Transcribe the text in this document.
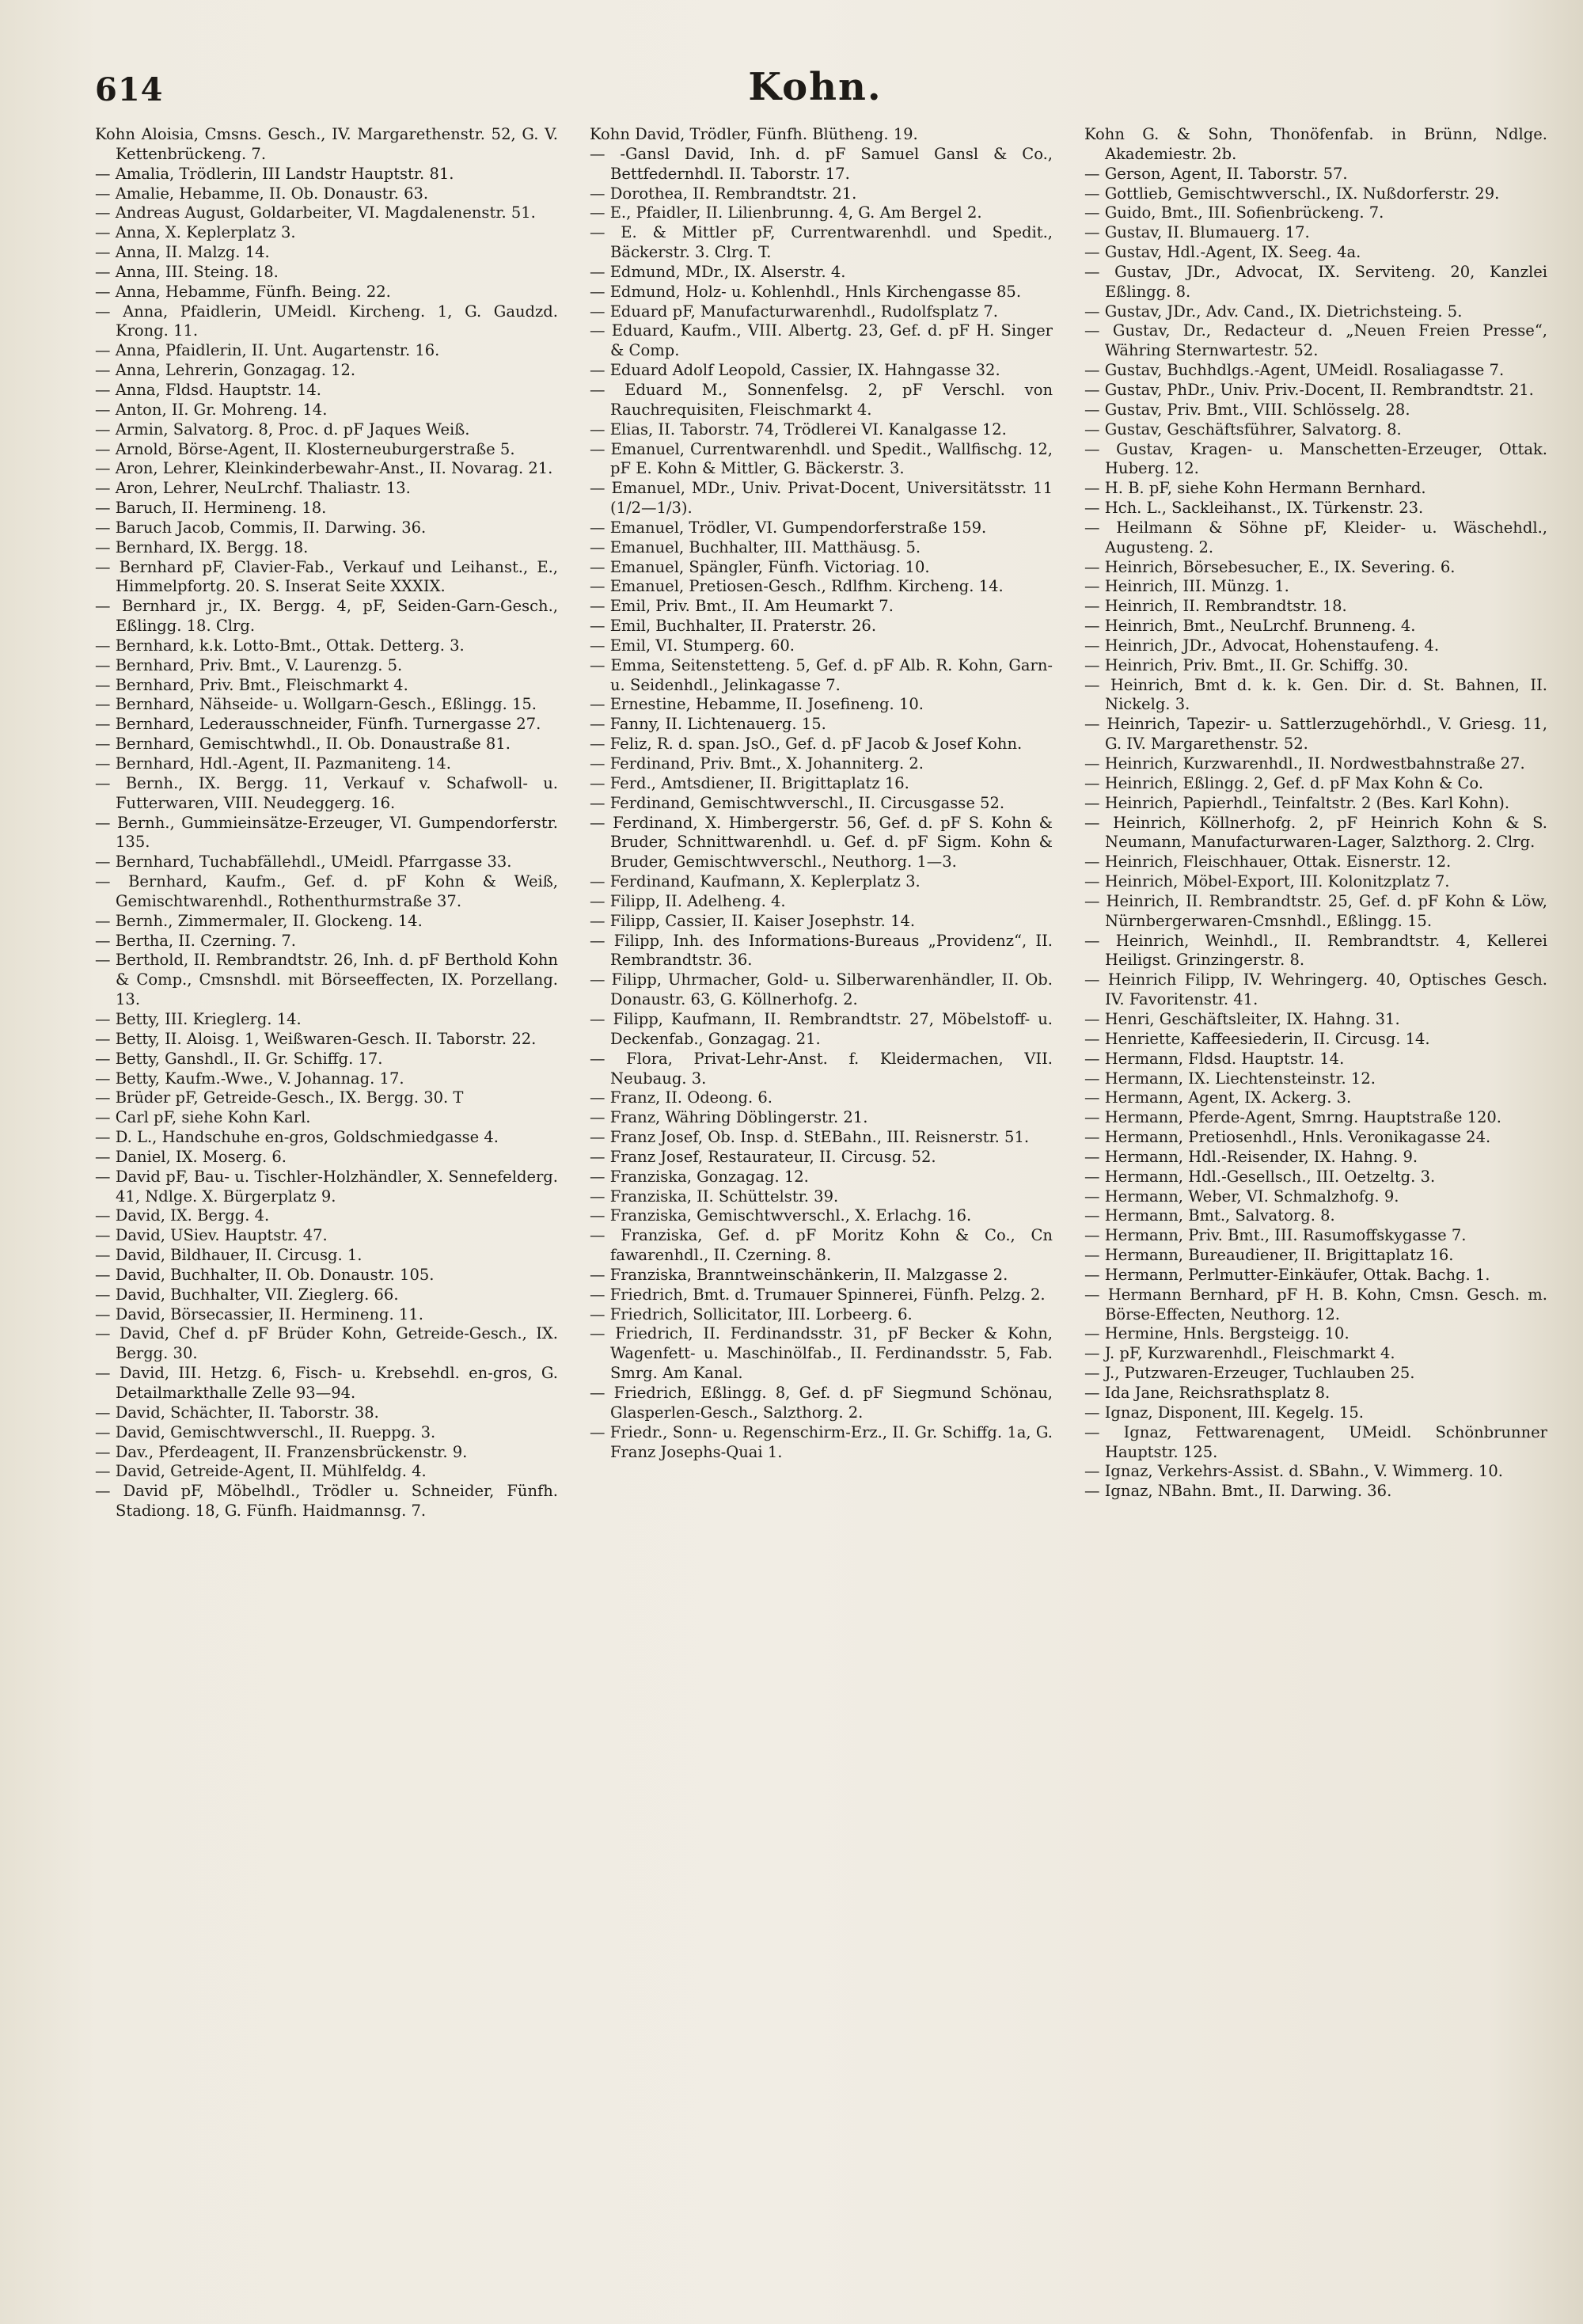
614	Kohn.
Kohn Aloisia, Cmsns. Gesch., IV. Margarethenstr. 52, G. V. Kettenbrückeng. 7.
— Amalia, Trödlerin, III Landstr Hauptstr. 81.
— Amalie, Hebamme, II. Ob. Donaustr. 63.
— Andreas August, Goldarbeiter, VI. Magdalenenstr. 51.
— Anna, X. Keplerplatz 3.
— Anna, II. Malzg. 14.
— Anna, III. Steing. 18.
— Anna, Hebamme, Fünfh. Being. 22.
— Anna, Pfaidlerin, UMeidl. Kircheng. 1, G. Gaudzd. Krong. 11.
— Anna, Pfaidlerin, II. Unt. Augartenstr. 16.
— Anna, Lehrerin, Gonzagag. 12.
— Anna, Fldsd. Hauptstr. 14.
— Anton, II. Gr. Mohreng. 14.
— Armin, Salvatorg. 8, Proc. d. pF Jaques Weiß.
— Arnold, Börse-Agent, II. Klosterneuburgerstraße 5.
— Aron, Lehrer, Kleinkinderbewahr-Anst., II. Novarag. 21.
— Aron, Lehrer, NeuLrchf. Thaliastr. 13.
— Baruch, II. Hermineng. 18.
— Baruch Jacob, Commis, II. Darwing. 36.
— Bernhard, IX. Bergg. 18.
— Bernhard pF, Clavier-Fab., Verkauf und Leihanst., E., Himmelpfortg. 20. S. Inserat Seite XXXIX.
— Bernhard jr., IX. Bergg. 4, pF, Seiden-Garn-Gesch., Eßlingg. 18. Clrg.
— Bernhard, k.k. Lotto-Bmt., Ottak. Detterg. 3.
— Bernhard, Priv. Bmt., V. Laurenzg. 5.
— Bernhard, Priv. Bmt., Fleischmarkt 4.
— Bernhard, Nähseide- u. Wollgarn-Gesch., Eßlingg. 15.
— Bernhard, Lederausschneider, Fünfh. Turnergasse 27.
— Bernhard, Gemischtwhdl., II. Ob. Donaustraße 81.
— Bernhard, Hdl.-Agent, II. Pazmaniteng. 14.
— Bernh., IX. Bergg. 11, Verkauf v. Schafwoll- u. Futterwaren, VIII. Neudeggerg. 16.
— Bernh., Gummieinsätze-Erzeuger, VI. Gumpendorferstr. 135.
— Bernhard, Tuchabfällehdl., UMeidl. Pfarrgasse 33.
— Bernhard, Kaufm., Gef. d. pF Kohn & Weiß, Gemischtwarenhdl., Rothenthurmstraße 37.
— Bernh., Zimmermaler, II. Glockeng. 14.
— Bertha, II. Czerning. 7.
— Berthold, II. Rembrandtstr. 26, Inh. d. pF Berthold Kohn & Comp., Cmsnshdl. mit Börseeffecten, IX. Porzellang. 13.
— Betty, III. Krieglerg. 14.
— Betty, II. Aloisg. 1, Weißwaren-Gesch. II. Taborstr. 22.
— Betty, Ganshdl., II. Gr. Schiffg. 17.
— Betty, Kaufm.-Wwe., V. Johannag. 17.
— Brüder pF, Getreide-Gesch., IX. Bergg. 30. T
— Carl pF, siehe Kohn Karl.
— D. L., Handschuhe en-gros, Goldschmiedgasse 4.
— Daniel, IX. Moserg. 6.
— David pF, Bau- u. Tischler-Holzhändler, X. Sennefelderg. 41, Ndlge. X. Bürgerplatz 9.
— David, IX. Bergg. 4.
— David, USiev. Hauptstr. 47.
— David, Bildhauer, II. Circusg. 1.
— David, Buchhalter, II. Ob. Donaustr. 105.
— David, Buchhalter, VII. Zieglerg. 66.
— David, Börsecassier, II. Hermineng. 11.
— David, Chef d. pF Brüder Kohn, Getreide-Gesch., IX. Bergg. 30.
— David, III. Hetzg. 6, Fisch- u. Krebsehdl. en-gros, G. Detailmarkthalle Zelle 93—94.
— David, Schächter, II. Taborstr. 38.
— David, Gemischtwverschl., II. Rueppg. 3.
— Dav., Pferdeagent, II. Franzensbrückenstr. 9.
— David, Getreide-Agent, II. Mühlfeldg. 4.
— David pF, Möbelhdl., Trödler u. Schneider, Fünfh. Stadiong. 18, G. Fünfh. Haidmannsg. 7.
Kohn David, Trödler, Fünfh. Blütheng. 19.
— -Gansl David, Inh. d. pF Samuel Gansl & Co., Bettfedernhdl. II. Taborstr. 17.
— Dorothea, II. Rembrandtstr. 21.
— E., Pfaidler, II. Lilienbrunng. 4, G. Am Bergel 2.
— E. & Mittler pF, Currentwarenhdl. und Spedit., Bäckerstr. 3. Clrg. T.
— Edmund, MDr., IX. Alserstr. 4.
— Edmund, Holz- u. Kohlenhdl., Hnls Kirchengasse 85.
— Eduard pF, Manufacturwarenhdl., Rudolfsplatz 7.
— Eduard, Kaufm., VIII. Albertg. 23, Gef. d. pF H. Singer & Comp.
— Eduard Adolf Leopold, Cassier, IX. Hahngasse 32.
— Eduard M., Sonnenfelsg. 2, pF Verschl. von Rauchrequisiten, Fleischmarkt 4.
— Elias, II. Taborstr. 74, Trödlerei VI. Kanalgasse 12.
— Emanuel, Currentwarenhdl. und Spedit., Wallfischg. 12, pF E. Kohn & Mittler, G. Bäckerstr. 3.
— Emanuel, MDr., Univ. Privat-Docent, Universitätsstr. 11 (1/2—1/3).
— Emanuel, Trödler, VI. Gumpendorferstraße 159.
— Emanuel, Buchhalter, III. Matthäusg. 5.
— Emanuel, Spängler, Fünfh. Victoriag. 10.
— Emanuel, Pretiosen-Gesch., Rdlfhm. Kircheng. 14.
— Emil, Priv. Bmt., II. Am Heumarkt 7.
— Emil, Buchhalter, II. Praterstr. 26.
— Emil, VI. Stumperg. 60.
— Emma, Seitenstetteng. 5, Gef. d. pF Alb. R. Kohn, Garn- u. Seidenhdl., Jelinkagasse 7.
— Ernestine, Hebamme, II. Josefineng. 10.
— Fanny, II. Lichtenauerg. 15.
— Feliz, R. d. span. JsO., Gef. d. pF Jacob & Josef Kohn.
— Ferdinand, Priv. Bmt., X. Johanniterg. 2.
— Ferd., Amtsdiener, II. Brigittaplatz 16.
— Ferdinand, Gemischtwverschl., II. Circusgasse 52.
— Ferdinand, X. Himbergerstr. 56, Gef. d. pF S. Kohn & Bruder, Schnittwarenhdl. u. Gef. d. pF Sigm. Kohn & Bruder, Gemischtwverschl., Neuthorg. 1—3.
— Ferdinand, Kaufmann, X. Keplerplatz 3.
— Filipp, II. Adelheng. 4.
— Filipp, Cassier, II. Kaiser Josephstr. 14.
— Filipp, Inh. des Informations-Bureaus „Providenz“, II. Rembrandtstr. 36.
— Filipp, Uhrmacher, Gold- u. Silberwarenhändler, II. Ob. Donaustr. 63, G. Köllnerhofg. 2.
— Filipp, Kaufmann, II. Rembrandtstr. 27, Möbelstoff- u. Deckenfab., Gonzagag. 21.
— Flora, Privat-Lehr-Anst. f. Kleidermachen, VII. Neubaug. 3.
— Franz, II. Odeong. 6.
— Franz, Währing Döblingerstr. 21.
— Franz Josef, Ob. Insp. d. StEBahn., III. Reisnerstr. 51.
— Franz Josef, Restaurateur, II. Circusg. 52.
— Franziska, Gonzagag. 12.
— Franziska, II. Schüttelstr. 39.
— Franziska, Gemischtwverschl., X. Erlachg. 16.
— Franziska, Gef. d. pF Moritz Kohn & Co., Cn fawarenhdl., II. Czerning. 8.
— Franziska, Branntweinschänkerin, II. Malzgasse 2.
— Friedrich, Bmt. d. Trumauer Spinnerei, Fünfh. Pelzg. 2.
— Friedrich, Sollicitator, III. Lorbeerg. 6.
— Friedrich, II. Ferdinandsstr. 31, pF Becker & Kohn, Wagenfett- u. Maschinölfab., II. Ferdinandsstr. 5, Fab. Smrg. Am Kanal.
— Friedrich, Eßlingg. 8, Gef. d. pF Siegmund Schönau, Glasperlen-Gesch., Salzthorg. 2.
— Friedr., Sonn- u. Regenschirm-Erz., II. Gr. Schiffg. 1a, G. Franz Josephs-Quai 1.
Kohn G. & Sohn, Thonöfenfab. in Brünn, Ndlge. Akademiestr. 2b.
— Gerson, Agent, II. Taborstr. 57.
— Gottlieb, Gemischtwverschl., IX. Nußdorferstr. 29.
— Guido, Bmt., III. Sofienbrückeng. 7.
— Gustav, II. Blumauerg. 17.
— Gustav, Hdl.-Agent, IX. Seeg. 4a.
— Gustav, JDr., Advocat, IX. Serviteng. 20, Kanzlei Eßlingg. 8.
— Gustav, JDr., Adv. Cand., IX. Dietrichsteing. 5.
— Gustav, Dr., Redacteur d. „Neuen Freien Presse“, Währing Sternwartestr. 52.
— Gustav, Buchhdlgs.-Agent, UMeidl. Rosaliagasse 7.
— Gustav, PhDr., Univ. Priv.-Docent, II. Rembrandtstr. 21.
— Gustav, Priv. Bmt., VIII. Schlösselg. 28.
— Gustav, Geschäftsführer, Salvatorg. 8.
— Gustav, Kragen- u. Manschetten-Erzeuger, Ottak. Huberg. 12.
— H. B. pF, siehe Kohn Hermann Bernhard.
— Hch. L., Sacklеihanst., IX. Türkenstr. 23.
— Heilmann & Söhne pF, Kleider- u. Wäschehdl., Augusteng. 2.
— Heinrich, Börsebesucher, E., IX. Severing. 6.
— Heinrich, III. Münzg. 1.
— Heinrich, II. Rembrandtstr. 18.
— Heinrich, Bmt., NeuLrchf. Brunneng. 4.
— Heinrich, JDr., Advocat, Hohenstaufeng. 4.
— Heinrich, Priv. Bmt., II. Gr. Schiffg. 30.
— Heinrich, Bmt d. k. k. Gen. Dir. d. St. Bahnen, II. Nickelg. 3.
— Heinrich, Tapezir- u. Sattlerzugehörhdl., V. Griesg. 11, G. IV. Margarethenstr. 52.
— Heinrich, Kurzwarenhdl., II. Nordwestbahnstraße 27.
— Heinrich, Eßlingg. 2, Gef. d. pF Max Kohn & Co.
— Heinrich, Papierhdl., Teinfaltstr. 2 (Bes. Karl Kohn).
— Heinrich, Köllnerhofg. 2, pF Heinrich Kohn & S. Neumann, Manufacturwaren-Lager, Salzthorg. 2. Clrg.
— Heinrich, Fleischhauer, Ottak. Eisnerstr. 12.
— Heinrich, Möbel-Export, III. Kolonitzplatz 7.
— Heinrich, II. Rembrandtstr. 25, Gef. d. pF Kohn & Löw, Nürnbergerwaren-Cmsnhdl., Eßlingg. 15.
— Heinrich, Weinhdl., II. Rembrandtstr. 4, Kellerei Heiligst. Grinzingerstr. 8.
— Heinrich Filipp, IV. Wehringerg. 40, Optisches Gesch. IV. Favoritenstr. 41.
— Henri, Geschäftsleiter, IX. Hahng. 31.
— Henriette, Kaffeesiederin, II. Circusg. 14.
— Hermann, Fldsd. Hauptstr. 14.
— Hermann, IX. Liechtensteinstr. 12.
— Hermann, Agent, IX. Ackerg. 3.
— Hermann, Pferde-Agent, Smrng. Hauptstraße 120.
— Hermann, Pretiosenhdl., Hnls. Veronikagasse 24.
— Hermann, Hdl.-Reisender, IX. Hahng. 9.
— Hermann, Hdl.-Gesellsch., III. Oetzeltg. 3.
— Hermann, Weber, VI. Schmalzhofg. 9.
— Hermann, Bmt., Salvatorg. 8.
— Hermann, Priv. Bmt., III. Rasumoffskygasse 7.
— Hermann, Bureaudiener, II. Brigittaplatz 16.
— Hermann, Perlmutter-Einkäufer, Ottak. Bachg. 1.
— Hermann Bernhard, pF H. B. Kohn, Cmsn. Gesch. m. Börse-Effecten, Neuthorg. 12.
— Hermine, Hnls. Bergsteigg. 10.
— J. pF, Kurzwarenhdl., Fleischmarkt 4.
— J., Putzwaren-Erzeuger, Tuchlauben 25.
— Ida Jane, Reichsrathsplatz 8.
— Ignaz, Disponent, III. Kegelg. 15.
— Ignaz, Fettwarenagent, UMeidl. Schönbrunner Hauptstr. 125.
— Ignaz, Verkehrs-Assist. d. SBahn., V. Wimmerg. 10.
— Ignaz, NBahn. Bmt., II. Darwing. 36.
